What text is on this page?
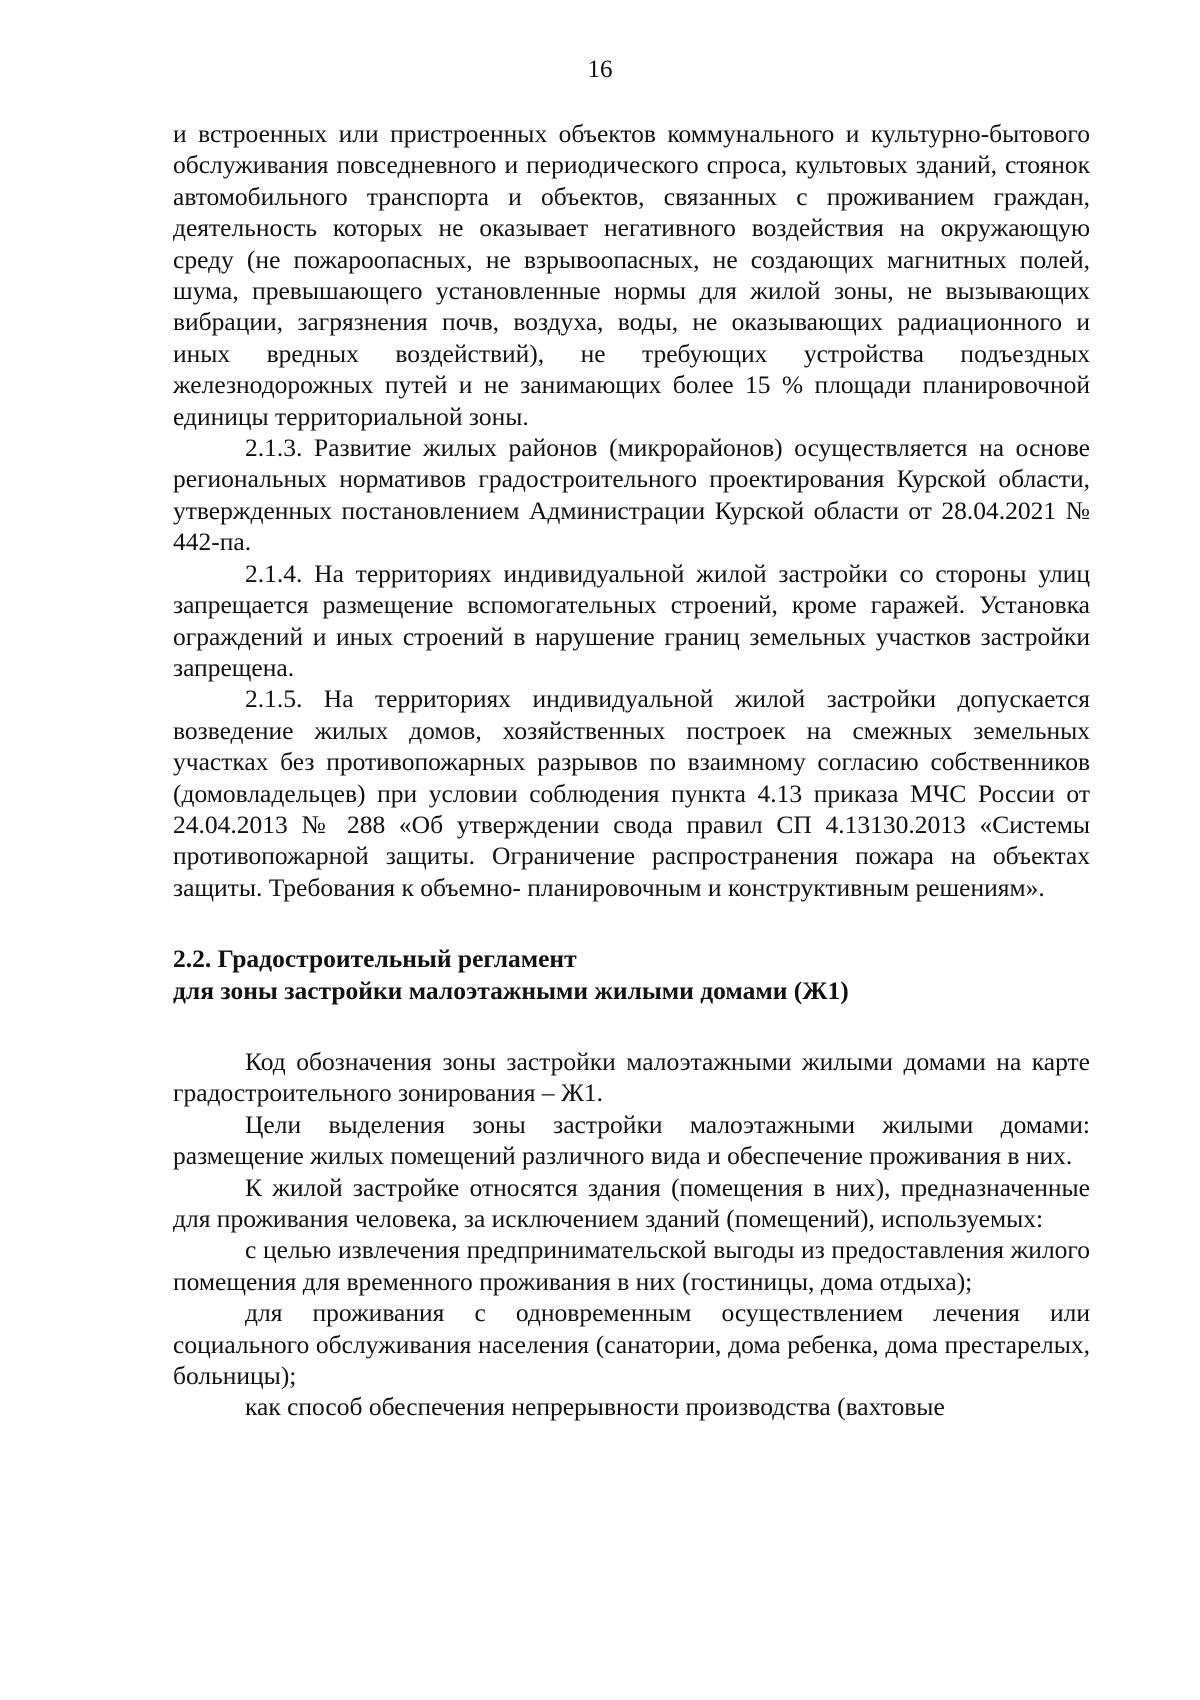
16

и встроенных или пристроенных объектов коммунального и культурно-бытового обслуживания повседневного и периодического спроса, культовых зданий, стоянок автомобильного транспорта и объектов, связанных с проживанием граждан, деятельность которых не оказывает негативного воздействия на окружающую среду (не пожароопасных, не взрывоопасных, не создающих магнитных полей, шума, превышающего установленные нормы для жилой зоны, не вызывающих вибрации, загрязнения почв, воздуха, воды, не оказывающих радиационного и иных вредных воздействий), не требующих устройства подъездных железнодорожных путей и не занимающих более 15 % площади планировочной единицы территориальной зоны.

2.1.3. Развитие жилых районов (микрорайонов) осуществляется на основе региональных нормативов градостроительного проектирования Курской области, утвержденных постановлением Администрации Курской области от 28.04.2021 № 442-па.

2.1.4. На территориях индивидуальной жилой застройки со стороны улиц запрещается размещение вспомогательных строений, кроме гаражей. Установка ограждений и иных строений в нарушение границ земельных участков застройки запрещена.

2.1.5. На территориях индивидуальной жилой застройки допускается возведение жилых домов, хозяйственных построек на смежных земельных участках без противопожарных разрывов по взаимному согласию собственников (домовладельцев) при условии соблюдения пункта 4.13 приказа МЧС России от 24.04.2013 № 288 «Об утверждении свода правил СП 4.13130.2013 «Системы противопожарной защиты. Ограничение распространения пожара на объектах защиты. Требования к объемно- планировочным и конструктивным решениям».

2.2. Градостроительный регламент

для зоны застройки малоэтажными жилыми домами (Ж1)

Код обозначения зоны застройки малоэтажными жилыми домами на карте градостроительного зонирования – Ж1.

Цели выделения зоны застройки малоэтажными жилыми домами: размещение жилых помещений различного вида и обеспечение проживания в них.

К жилой застройке относятся здания (помещения в них), предназначенные для проживания человека, за исключением зданий (помещений), используемых:

с целью извлечения предпринимательской выгоды из предоставления жилого помещения для временного проживания в них (гостиницы, дома отдыха);

для проживания с одновременным осуществлением лечения или социального обслуживания населения (санатории, дома ребенка, дома престарелых, больницы);

как способ обеспечения непрерывности производства (вахтовые
